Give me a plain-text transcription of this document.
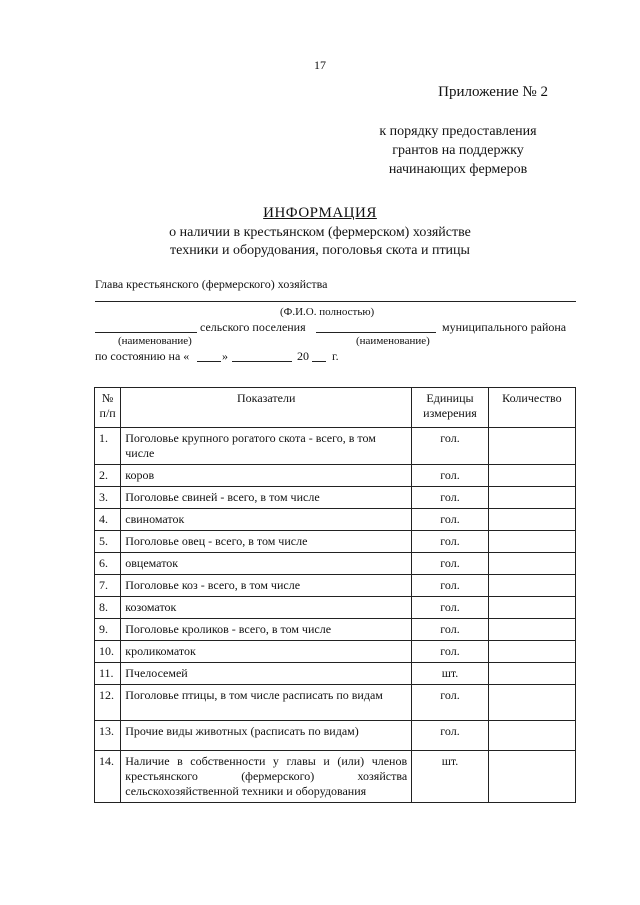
17
Приложение № 2
к порядку предоставления
грантов на поддержку
начинающих фермеров
ИНФОРМАЦИЯ
о наличии в крестьянском (фермерском) хозяйстве
техники и оборудования, поголовья скота и птицы
Глава крестьянского (фермерского) хозяйства
(Ф.И.О. полностью)
сельского поселения	муниципального района
(наименование)	(наименование)
по состоянию на «	»	20 г.
№ п/п	Показатели	Единицы измерения	Количество
1.	Поголовье крупного рогатого скота - всего, в том числе	гол.	
2.	коров	гол.	
3.	Поголовье свиней - всего, в том числе	гол.	
4.	свиноматок	гол.	
5.	Поголовье овец - всего, в том числе	гол.	
6.	овцематок	гол.	
7.	Поголовье коз - всего, в том числе	гол.	
8.	козоматок	гол.	
9.	Поголовье кроликов - всего, в том числе	гол.	
10.	кроликоматок	гол.	
11.	Пчелосемей	шт.	
12.	Поголовье птицы, в том числе расписать по видам	гол.	
13.	Прочие виды животных (расписать по видам)	гол.	
14.	Наличие в собственности у главы и (или) членов крестьянского (фермерского) хозяйства сельскохозяйственной техники и оборудования	шт.	
